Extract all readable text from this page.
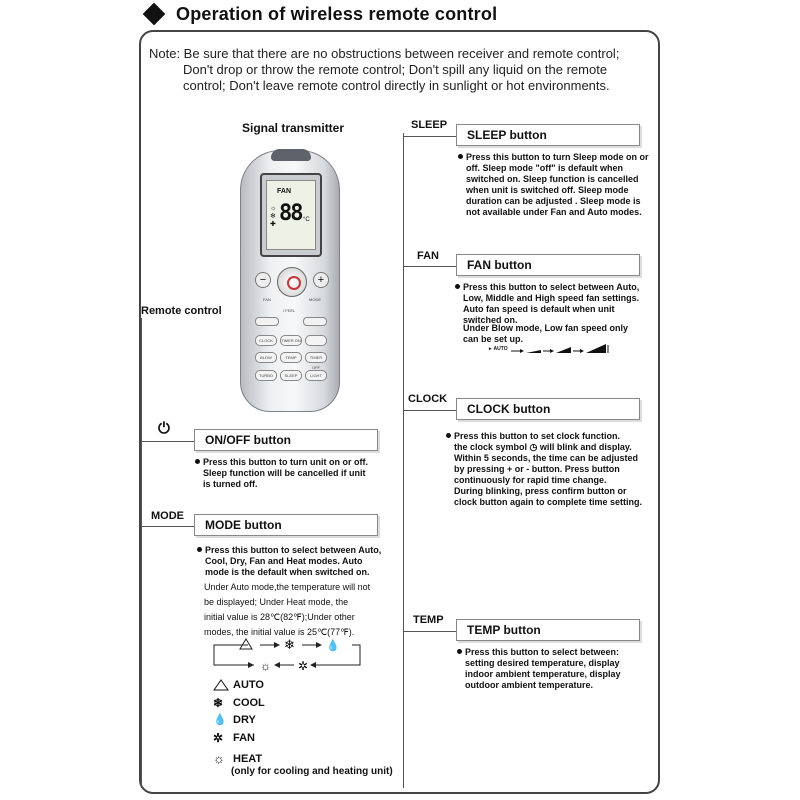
Operation of wireless remote control
Note: Be sure that there are no obstructions between receiver and remote control;
Don't drop or throw the remote control; Don't spill any liquid on the remote
control; Don't leave remote control directly in sunlight or hot environments.
Signal transmitter
Remote control
FAN
88
☼
❄
✚
°C
−	+
FAN	MODE
I FEEL
CLOCK	TIMER ON
BLOW	TEMP	TIMER OFF
TURBO	SLEEP	LIGHT
⏻
ON/OFF button
Press this button to turn unit on or off.
Sleep function will be cancelled if unit
is turned off.
MODE
MODE button
Press this button to select between Auto,
Cool, Dry, Fan and Heat modes. Auto
mode is the default when switched on.
Under Auto mode,the temperature will not
be displayed; Under Heat mode, the
initial value is 28℃(82℉);Under other
modes, the initial value is 25℃(77℉).
❄	💧
☼ ✲
AUTO
❄ COOL
💧 DRY
✲ FAN
☼ HEAT
(only for cooling and heating unit)
SLEEP
SLEEP button
Press this button to turn Sleep mode on or
off. Sleep mode "off" is default when
switched on. Sleep function is cancelled
when unit is switched off. Sleep mode
duration can be adjusted . Sleep mode is
not available under Fan and Auto modes.
FAN
FAN button
Press this button to select between Auto,
Low, Middle and High speed fan settings.
Auto fan speed is default when unit
switched on.
Under Blow mode, Low fan speed only
can be set up.
▸ AUTO
CLOCK
CLOCK button
Press this button to set clock function.
the clock symbol ◷ will blink and display.
Within 5 seconds, the time can be adjusted
by pressing + or - button. Press button
continuously for rapid time change.
During blinking, press confirm button or
clock button again to complete time setting.
TEMP
TEMP button
Press this button to select between:
setting desired temperature, display
indoor ambient temperature, display
outdoor ambient temperature.
